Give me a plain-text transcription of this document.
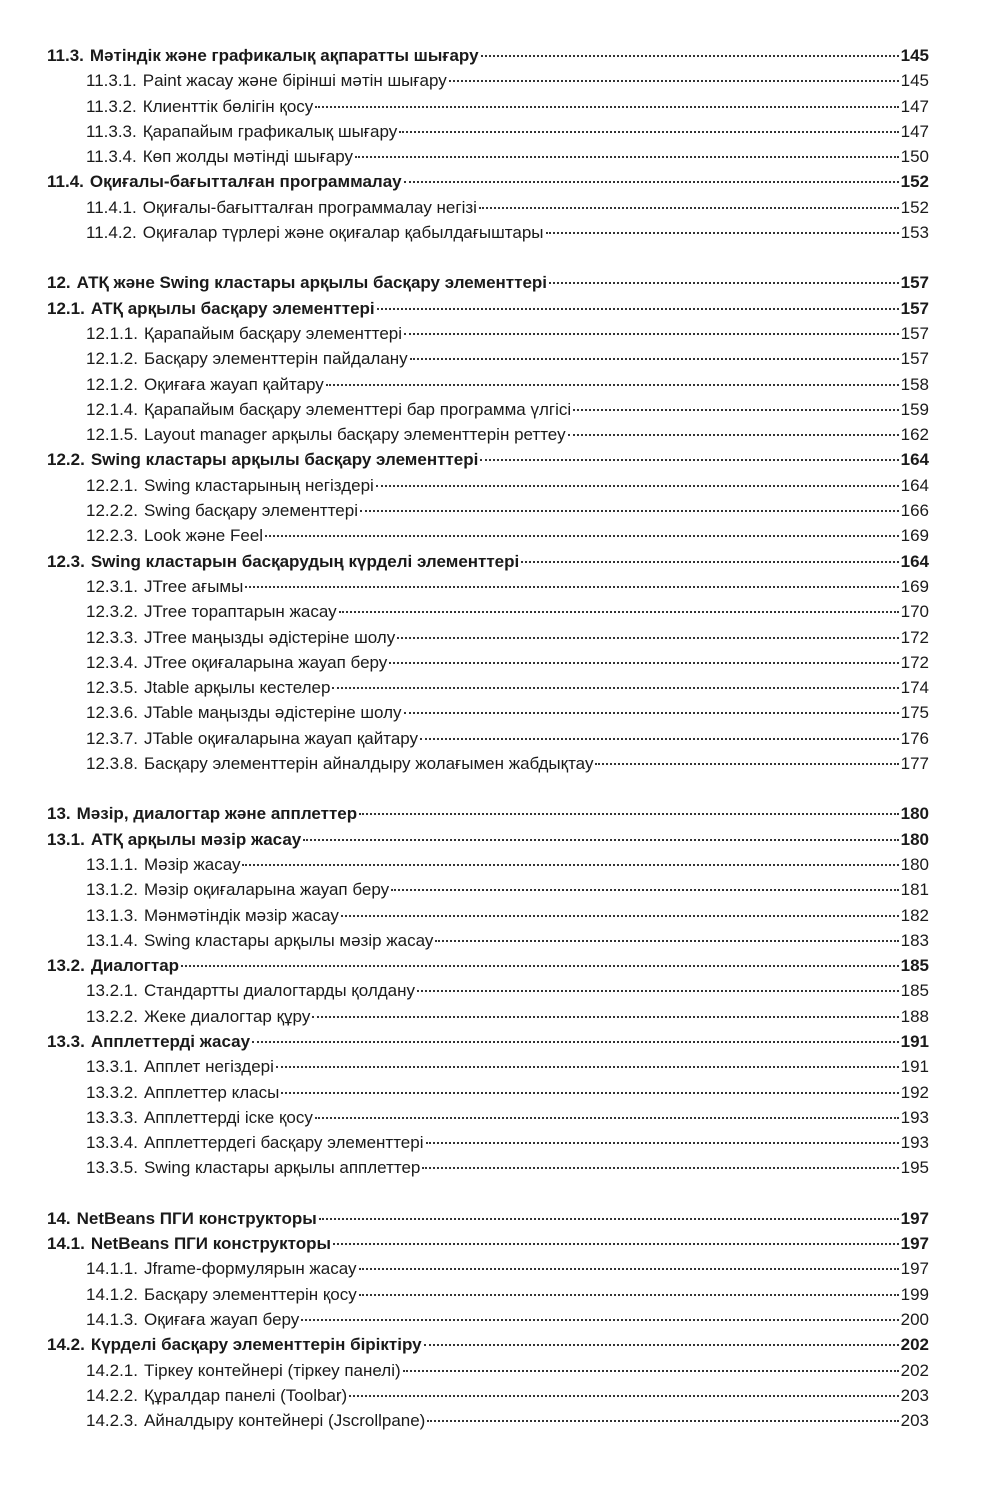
11.3. Мәтіндік және графикалық ақпаратты шығару	145
11.3.1. Paint жасау және бірінші мәтін шығару	145
11.3.2. Клиенттік бөлігін қосу	147
11.3.3. Қарапайым графикалық шығару	147
11.3.4. Көп жолды мәтінді шығару	150
11.4. Оқиғалы-бағытталған программалау	152
11.4.1. Оқиғалы-бағытталған программалау негізі	152
11.4.2. Оқиғалар түрлері және оқиғалар қабылдағыштары	153
12. АТҚ және Swing кластары арқылы басқару элементтері	157
12.1. АТҚ арқылы басқару элементтері	157
12.1.1. Қарапайым басқару элементтері	157
12.1.2. Басқару элементтерін пайдалану	157
12.1.2. Оқиғаға жауап қайтару	158
12.1.4. Қарапайым басқару элементтері бар программа үлгісі	159
12.1.5. Layout manager арқылы басқару элементтерін реттеу	162
12.2. Swing кластары арқылы басқару элементтері	164
12.2.1. Swing кластарының негіздері	164
12.2.2. Swing басқару элементтері	166
12.2.3. Look және Feel	169
12.3. Swing кластарын басқарудың күрделі элементтері	164
12.3.1. JTree ағымы	169
12.3.2. JTree тораптарын жасау	170
12.3.3. JTree маңызды әдістеріне шолу	172
12.3.4. JTree оқиғаларына жауап беру	172
12.3.5. Jtable арқылы кестелер	174
12.3.6. JTable маңызды әдістеріне шолу	175
12.3.7. JTable оқиғаларына жауап қайтару	176
12.3.8. Басқару элементтерін айналдыру жолағымен жабдықтау	177
13. Мәзір, диалогтар және апплеттер	180
13.1. АТҚ арқылы мәзір жасау	180
13.1.1. Мәзір жасау	180
13.1.2. Мәзір оқиғаларына жауап беру	181
13.1.3. Мәнмәтіндік мәзір жасау	182
13.1.4. Swing кластары арқылы мәзір жасау	183
13.2. Диалогтар	185
13.2.1. Стандартты диалогтарды қолдану	185
13.2.2. Жеке диалогтар құру	188
13.3. Апплеттерді жасау	191
13.3.1. Апплет негіздері	191
13.3.2. Апплеттер класы	192
13.3.3. Апплеттерді іске қосу	193
13.3.4. Апплеттердегі басқару элементтері	193
13.3.5. Swing кластары арқылы апплеттер	195
14. NetBeans ПГИ конструкторы	197
14.1. NetBeans ПГИ конструкторы	197
14.1.1. Jframe-формулярын жасау	197
14.1.2. Басқару элементтерін қосу	199
14.1.3. Оқиғаға жауап беру	200
14.2. Күрделі басқару элементтерін біріктіру	202
14.2.1. Тіркеу контейнері (тіркеу панелі)	202
14.2.2. Құралдар панелі (Toolbar)	203
14.2.3. Айналдыру контейнері (Jscrollpane)	203
